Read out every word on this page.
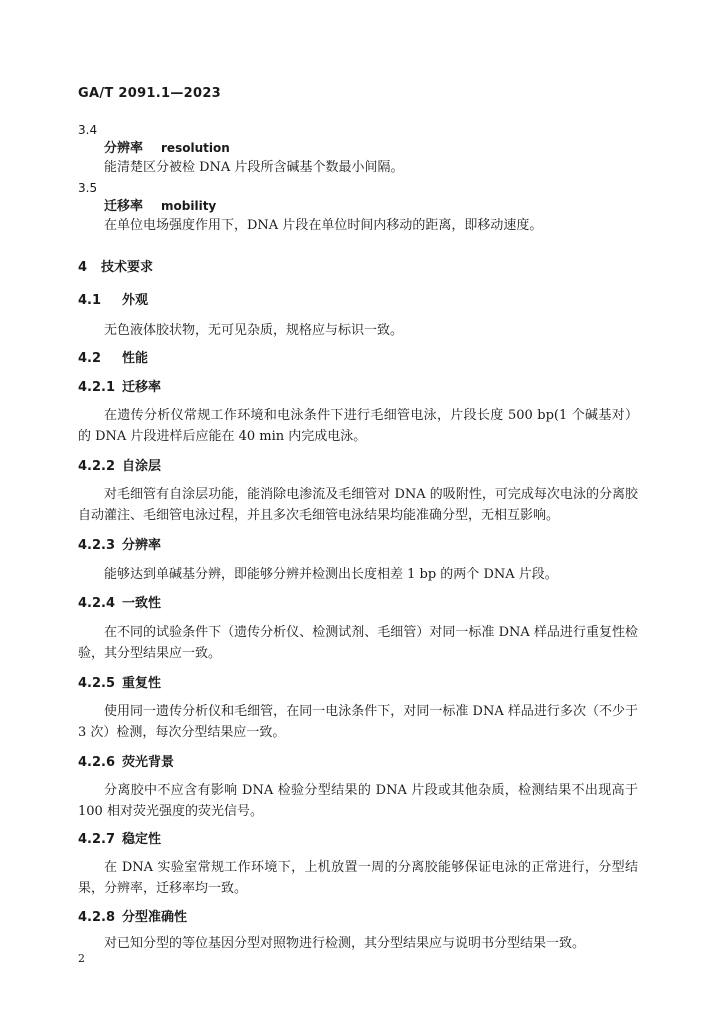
GA/T 2091.1—2023
3.4
分辨率 resolution
能清楚区分被检 DNA 片段所含碱基个数最小间隔。
3.5
迁移率 mobility
在单位电场强度作用下，DNA 片段在单位时间内移动的距离，即移动速度。
4 技术要求
4.1 外观
无色液体胶状物，无可见杂质，规格应与标识一致。
4.2 性能
4.2.1 迁移率
在遗传分析仪常规工作环境和电泳条件下进行毛细管电泳，片段长度 500 bp(1 个碱基对）的 DNA 片段进样后应能在 40 min 内完成电泳。
4.2.2 自涂层
对毛细管有自涂层功能，能消除电渗流及毛细管对 DNA 的吸附性，可完成每次电泳的分离胶自动灌注、毛细管电泳过程，并且多次毛细管电泳结果均能准确分型，无相互影响。
4.2.3 分辨率
能够达到单碱基分辨，即能够分辨并检测出长度相差 1 bp 的两个 DNA 片段。
4.2.4 一致性
在不同的试验条件下（遗传分析仪、检测试剂、毛细管）对同一标准 DNA 样品进行重复性检验，其分型结果应一致。
4.2.5 重复性
使用同一遗传分析仪和毛细管，在同一电泳条件下，对同一标准 DNA 样品进行多次（不少于 3 次）检测，每次分型结果应一致。
4.2.6 荧光背景
分离胶中不应含有影响 DNA 检验分型结果的 DNA 片段或其他杂质，检测结果不出现高于 100 相对荧光强度的荧光信号。
4.2.7 稳定性
在 DNA 实验室常规工作环境下，上机放置一周的分离胶能够保证电泳的正常进行，分型结果，分辨率，迁移率均一致。
4.2.8 分型准确性
对已知分型的等位基因分型对照物进行检测，其分型结果应与说明书分型结果一致。
2
